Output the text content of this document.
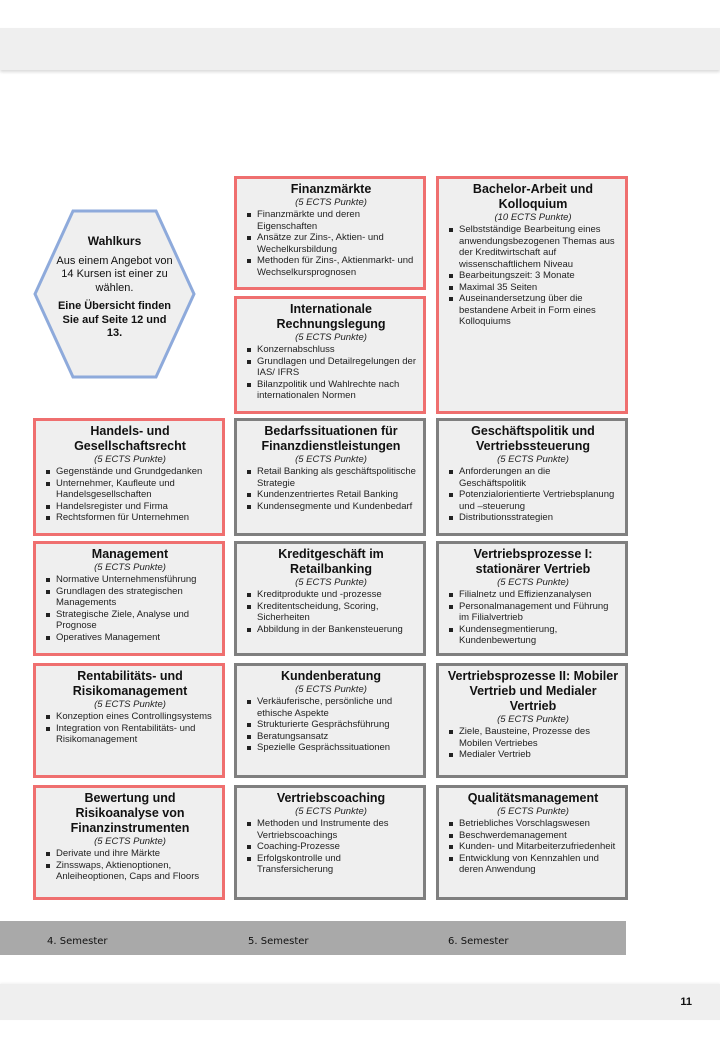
Wahlkurs
Aus einem Angebot von 14 Kursen ist einer zu wählen.
Eine Übersicht finden Sie auf Seite 12 und 13.
Finanzmärkte
(5 ECTS Punkte)
Finanzmärkte und deren Eigenschaften
Ansätze zur Zins-, Aktien- und Wechelkursbildung
Methoden für Zins-, Aktienmarkt- und Wechselkursprognosen
Bachelor-Arbeit und Kolloquium
(10 ECTS Punkte)
Selbstständige Bearbeitung eines anwendungsbezogenen Themas aus der Kreditwirtschaft auf wissenschaftlichem Niveau
Bearbeitungszeit: 3 Monate
Maximal 35 Seiten
Auseinandersetzung über die bestandene Arbeit in Form eines Kolloquiums
Internationale Rechnungslegung
(5 ECTS Punkte)
Konzernabschluss
Grundlagen und Detailregelungen der IAS/ IFRS
Bilanzpolitik und Wahlrechte nach internationalen Normen
Handels- und Gesellschaftsrecht
(5 ECTS Punkte)
Gegenstände und Grundgedanken
Unternehmer, Kaufleute und Handelsgesellschaften
Handelsregister und Firma
Rechtsformen für Unternehmen
Bedarfssituationen für Finanzdienstleistungen
(5 ECTS Punkte)
Retail Banking als geschäftspolitische Strategie
Kundenzentriertes Retail Banking
Kundensegmente und Kundenbedarf
Geschäftspolitik und Vertriebssteuerung
(5 ECTS Punkte)
Anforderungen an die Geschäftspolitik
Potenzialorientierte Vertriebsplanung und –steuerung
Distributionsstrategien
Management
(5 ECTS Punkte)
Normative Unternehmensführung
Grundlagen des strategischen Managements
Strategische Ziele, Analyse und Prognose
Operatives Management
Kreditgeschäft im Retailbanking
(5 ECTS Punkte)
Kreditprodukte und -prozesse
Kreditentscheidung, Scoring, Sicherheiten
Abbildung in der Bankensteuerung
Vertriebsprozesse I: stationärer Vertrieb
(5 ECTS Punkte)
Filialnetz und Effizienzanalysen
Personalmanagement und Führung im Filialvertrieb
Kundensegmentierung, Kundenbewertung
Rentabilitäts- und Risikomanagement
(5 ECTS Punkte)
Konzeption eines Controllingsystems
Integration von Rentabilitäts- und Risikomanagement
Kundenberatung
(5 ECTS Punkte)
Verkäuferische, persönliche und ethische Aspekte
Strukturierte Gesprächsführung
Beratungsansatz
Spezielle Gesprächssituationen
Vertriebsprozesse II: Mobiler Vertrieb und Medialer Vertrieb
(5 ECTS Punkte)
Ziele, Bausteine, Prozesse des Mobilen Vertriebes
Medialer Vertrieb
Bewertung und Risikoanalyse von Finanzinstrumenten
(5 ECTS Punkte)
Derivate und ihre Märkte
Zinsswaps, Aktienoptionen, Anleiheoptionen, Caps and Floors
Vertriebscoaching
(5 ECTS Punkte)
Methoden und Instrumente des Vertriebscoachings
Coaching-Prozesse
Erfolgskontrolle und Transfersicherung
Qualitätsmanagement
(5 ECTS Punkte)
Betriebliches Vorschlagswesen
Beschwerdemanagement
Kunden- und Mitarbeiterzufriedenheit
Entwicklung von Kennzahlen und deren Anwendung
4. Semester	5. Semester	6. Semester
11
